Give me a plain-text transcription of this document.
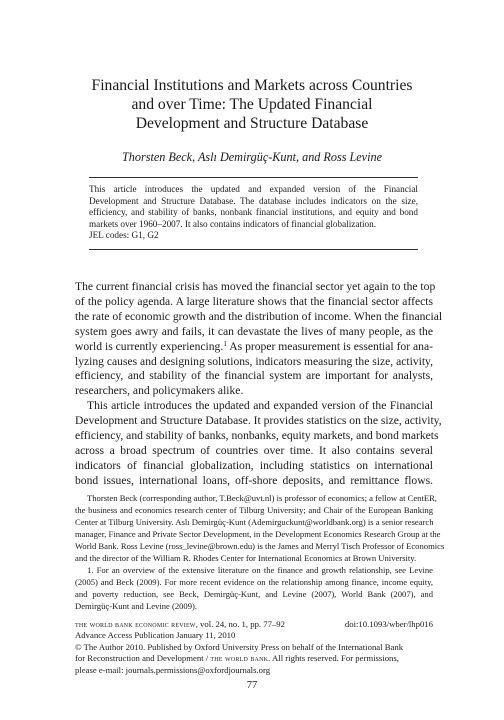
Financial Institutions and Markets across Countries
and over Time: The Updated Financial
Development and Structure Database
Thorsten Beck, Aslı Demirgüç-Kunt, and Ross Levine
This article introduces the updated and expanded version of the Financial
Development and Structure Database. The database includes indicators on the size,
efficiency, and stability of banks, nonbank financial institutions, and equity and bond
markets over 1960–2007. It also contains indicators of financial globalization.
JEL codes: G1, G2
The current financial crisis has moved the financial sector yet again to the top
of the policy agenda. A large literature shows that the financial sector affects
the rate of economic growth and the distribution of income. When the financial
system goes awry and fails, it can devastate the lives of many people, as the
world is currently experiencing.$^1$ As proper measurement is essential for ana-
lyzing causes and designing solutions, indicators measuring the size, activity,
efficiency, and stability of the financial system are important for analysts,
researchers, and policymakers alike.
This article introduces the updated and expanded version of the Financial
Development and Structure Database. It provides statistics on the size, activity,
efficiency, and stability of banks, nonbanks, equity markets, and bond markets
across a broad spectrum of countries over time. It also contains several
indicators of financial globalization, including statistics on international
bond issues, international loans, off-shore deposits, and remittance flows.
Thorsten Beck (corresponding author, T.Beck@uvt.nl) is professor of economics; a fellow at CentER,
the business and economics research center of Tilburg University; and Chair of the European Banking
Center at Tilburg University. Aslı Demirgüç-Kunt (Ademirguckunt@worldbank.org) is a senior research
manager, Finance and Private Sector Development, in the Development Economics Research Group at the
World Bank. Ross Levine (ross_levine@brown.edu) is the James and Merryl Tisch Professor of Economics
and the director of the William R. Rhodes Center for International Economics at Brown University.
1. For an overview of the extensive literature on the finance and growth relationship, see Levine
(2005) and Beck (2009). For more recent evidence on the relationship among finance, income equity,
and poverty reduction, see Beck, Demirgüç-Kunt, and Levine (2007), World Bank (2007), and
Demirgüç-Kunt and Levine (2009).
the world bank economic review, vol. 24, no. 1, pp. 77–92	doi:10.1093/wber/lhp016
Advance Access Publication January 11, 2010
© The Author 2010. Published by Oxford University Press on behalf of the International Bank
for Reconstruction and Development / the world bank. All rights reserved. For permissions,
please e-mail: journals.permissions@oxfordjournals.org
77
